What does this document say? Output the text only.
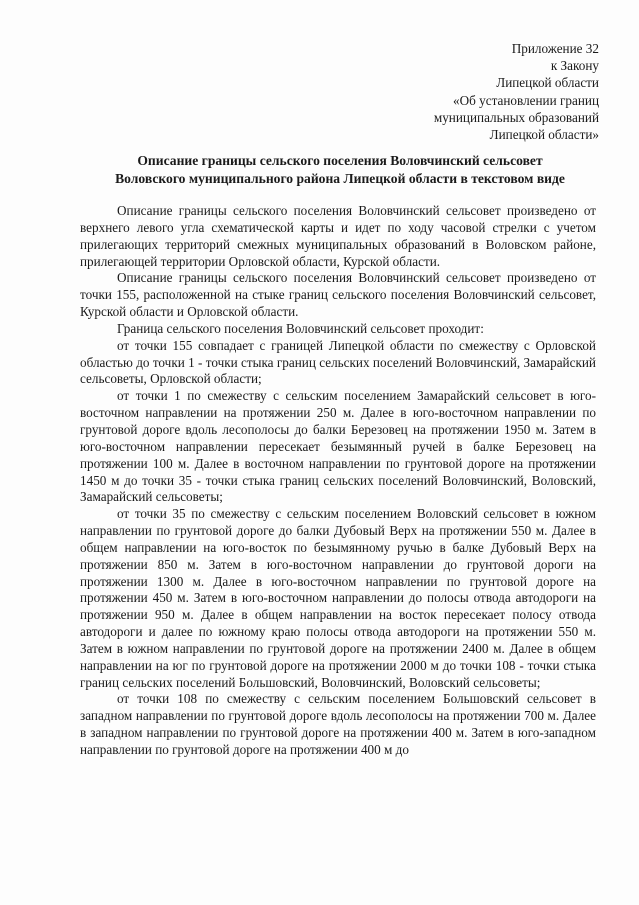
Приложение 32
к Закону
Липецкой области
«Об установлении границ
муниципальных образований
Липецкой области»
Описание границы сельского поселения Воловчинский сельсовет
Воловского муниципального района Липецкой области в текстовом виде

Описание границы сельского поселения Воловчинский сельсовет произведено от верхнего левого угла схематической карты и идет по ходу часовой стрелки с учетом прилегающих территорий смежных муниципальных образований в Воловском районе, прилегающей территории Орловской области, Курской области.

Описание границы сельского поселения Воловчинский сельсовет произведено от точки 155, расположенной на стыке границ сельского поселения Воловчинский сельсовет, Курской области и Орловской области.

Граница сельского поселения Воловчинский сельсовет проходит:

от точки 155 совпадает с границей Липецкой области по смежеству с Орловской областью до точки 1 - точки стыка границ сельских поселений Воловчинский, Замарайский сельсоветы, Орловской области;

от точки 1 по смежеству с сельским поселением Замарайский сельсовет в юго-восточном направлении на протяжении 250 м. Далее в юго-восточном направлении по грунтовой дороге вдоль лесополосы до балки Березовец на протяжении 1950 м. Затем в юго-восточном направлении пересекает безымянный ручей в балке Березовец на протяжении 100 м. Далее в восточном направлении по грунтовой дороге на протяжении 1450 м до точки 35 - точки стыка границ сельских поселений Воловчинский, Воловский, Замарайский сельсоветы;

от точки 35 по смежеству с сельским поселением Воловский сельсовет в южном направлении по грунтовой дороге до балки Дубовый Верх на протяжении 550 м. Далее в общем направлении на юго-восток по безымянному ручью в балке Дубовый Верх на протяжении 850 м. Затем в юго-восточном направлении до грунтовой дороги на протяжении 1300 м. Далее в юго-восточном направлении по грунтовой дороге на протяжении 450 м. Затем в юго-восточном направлении до полосы отвода автодороги на протяжении 950 м. Далее в общем направлении на восток пересекает полосу отвода автодороги и далее по южному краю полосы отвода автодороги на протяжении 550 м. Затем в южном направлении по грунтовой дороге на протяжении 2400 м. Далее в общем направлении на юг по грунтовой дороге на протяжении 2000 м до точки 108 - точки стыка границ сельских поселений Большовский, Воловчинский, Воловский сельсоветы;

от точки 108 по смежеству с сельским поселением Большовский сельсовет в западном направлении по грунтовой дороге вдоль лесополосы на протяжении 700 м. Далее в западном направлении по грунтовой дороге на протяжении 400 м. Затем в юго-западном направлении по грунтовой дороге на протяжении 400 м до
